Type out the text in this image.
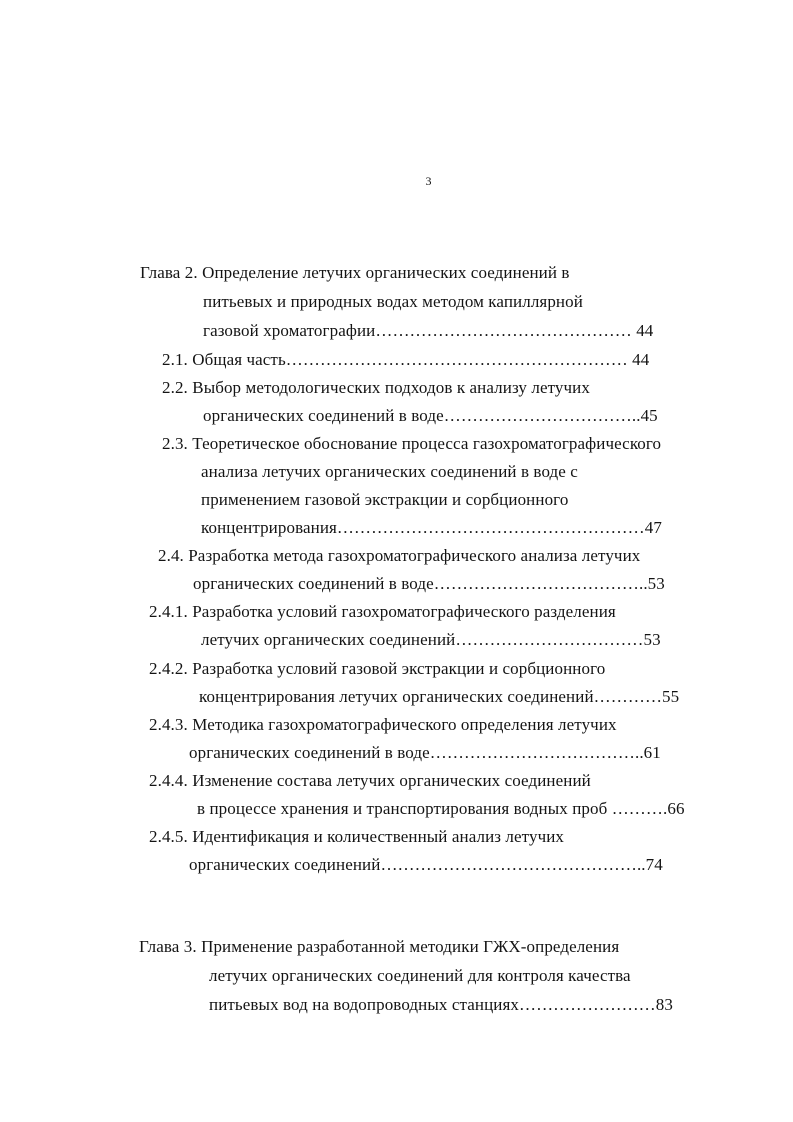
3
Глава 2. Определение летучих органических соединений в
питьевых и природных водах методом капиллярной
газовой хроматографии……………………………………… 44
2.1. Общая часть…………………………………………………… 44
2.2. Выбор методологических подходов к анализу летучих
органических соединений в воде……………………………..45
2.3. Теоретическое обоснование процесса газохроматографического
анализа летучих органических соединений в воде с
применением газовой экстракции и сорбционного
концентрирования………………………………………………47
2.4. Разработка метода газохроматографического анализа летучих
органических соединений в воде………………………………..53
2.4.1. Разработка условий газохроматографического разделения
летучих органических соединений……………………………53
2.4.2. Разработка условий газовой экстракции и сорбционного
концентрирования летучих органических соединений…………55
2.4.3. Методика газохроматографического определения летучих
органических соединений в воде………………………………..61
2.4.4. Изменение состава летучих органических соединений
в процессе хранения и транспортирования водных проб ……….66
2.4.5. Идентификация и количественный анализ летучих
органических соединений………………………………………..74
Глава 3. Применение разработанной методики ГЖХ-определения
летучих органических соединений для контроля качества
питьевых вод на водопроводных станциях……………………83
